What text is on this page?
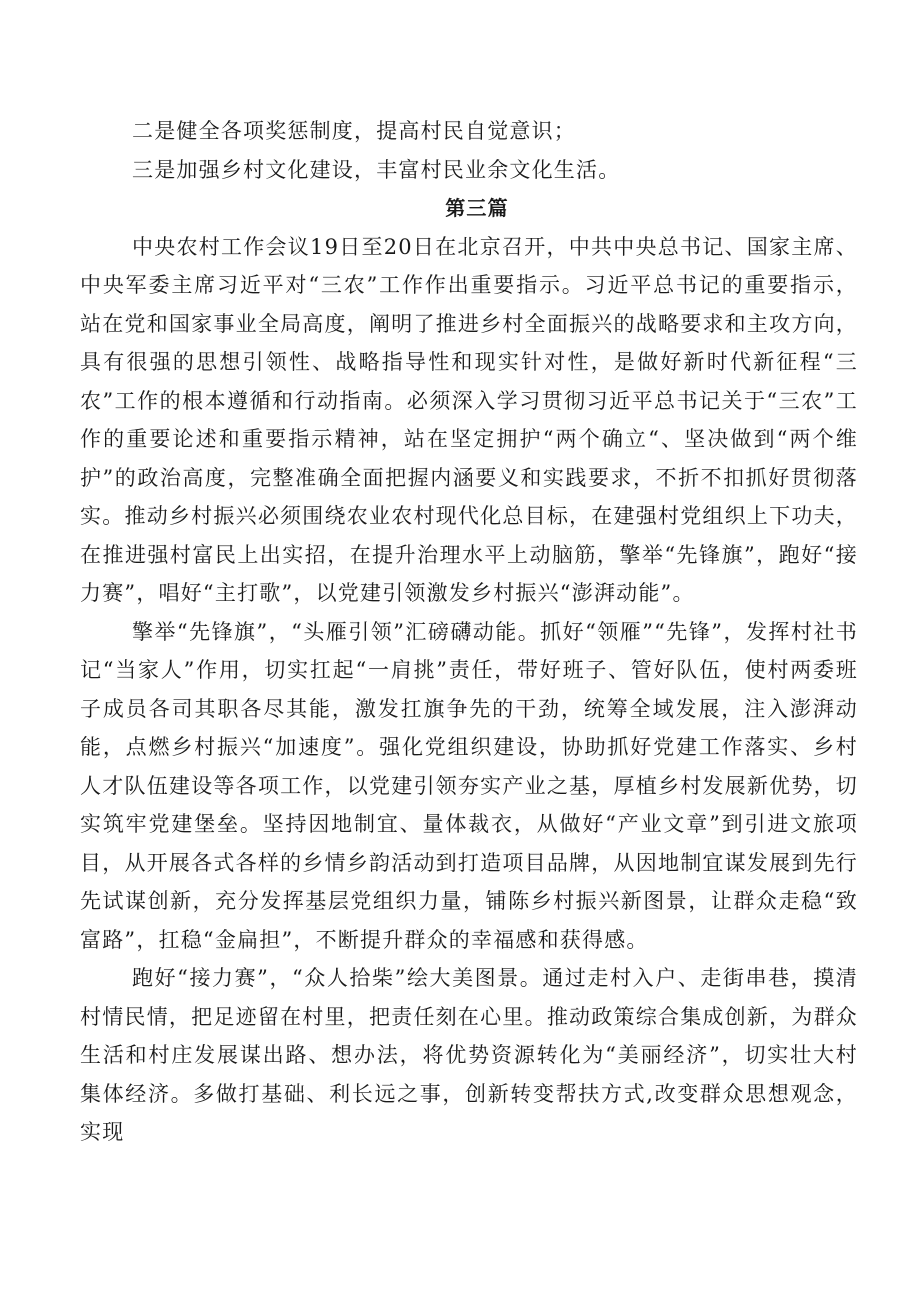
二是健全各项奖惩制度，提高村民自觉意识；

三是加强乡村文化建设，丰富村民业余文化生活。

第三篇

中央农村工作会议19日至20日在北京召开，中共中央总书记、国家主席、中央军委主席习近平对“三农”工作作出重要指示。习近平总书记的重要指示，站在党和国家事业全局高度，阐明了推进乡村全面振兴的战略要求和主攻方向，具有很强的思想引领性、战略指导性和现实针对性，是做好新时代新征程“三农”工作的根本遵循和行动指南。必须深入学习贯彻习近平总书记关于“三农”工作的重要论述和重要指示精神，站在坚定拥护“两个确立“、坚决做到“两个维护”的政治高度，完整准确全面把握内涵要义和实践要求，不折不扣抓好贯彻落实。推动乡村振兴必须围绕农业农村现代化总目标，在建强村党组织上下功夫，在推进强村富民上出实招，在提升治理水平上动脑筋，擎举“先锋旗”，跑好“接力赛”，唱好“主打歌”，以党建引领激发乡村振兴“澎湃动能”。

擎举“先锋旗”，“头雁引领”汇磅礴动能。抓好“领雁”“先锋”，发挥村社书记“当家人”作用，切实扛起“一肩挑”责任，带好班子、管好队伍，使村两委班子成员各司其职各尽其能，激发扛旗争先的干劲，统筹全域发展，注入澎湃动能，点燃乡村振兴“加速度”。强化党组织建设，协助抓好党建工作落实、乡村人才队伍建设等各项工作，以党建引领夯实产业之基，厚植乡村发展新优势，切实筑牢党建堡垒。坚持因地制宜、量体裁衣，从做好“产业文章”到引进文旅项目，从开展各式各样的乡情乡韵活动到打造项目品牌，从因地制宜谋发展到先行先试谋创新，充分发挥基层党组织力量，铺陈乡村振兴新图景，让群众走稳“致富路”，扛稳“金扁担”，不断提升群众的幸福感和获得感。

跑好“接力赛”，“众人拾柴”绘大美图景。通过走村入户、走街串巷，摸清村情民情，把足迹留在村里，把责任刻在心里。推动政策综合集成创新，为群众生活和村庄发展谋出路、想办法，将优势资源转化为“美丽经济”，切实壮大村集体经济。多做打基础、利长远之事，创新转变帮扶方式,改变群众思想观念，实现
